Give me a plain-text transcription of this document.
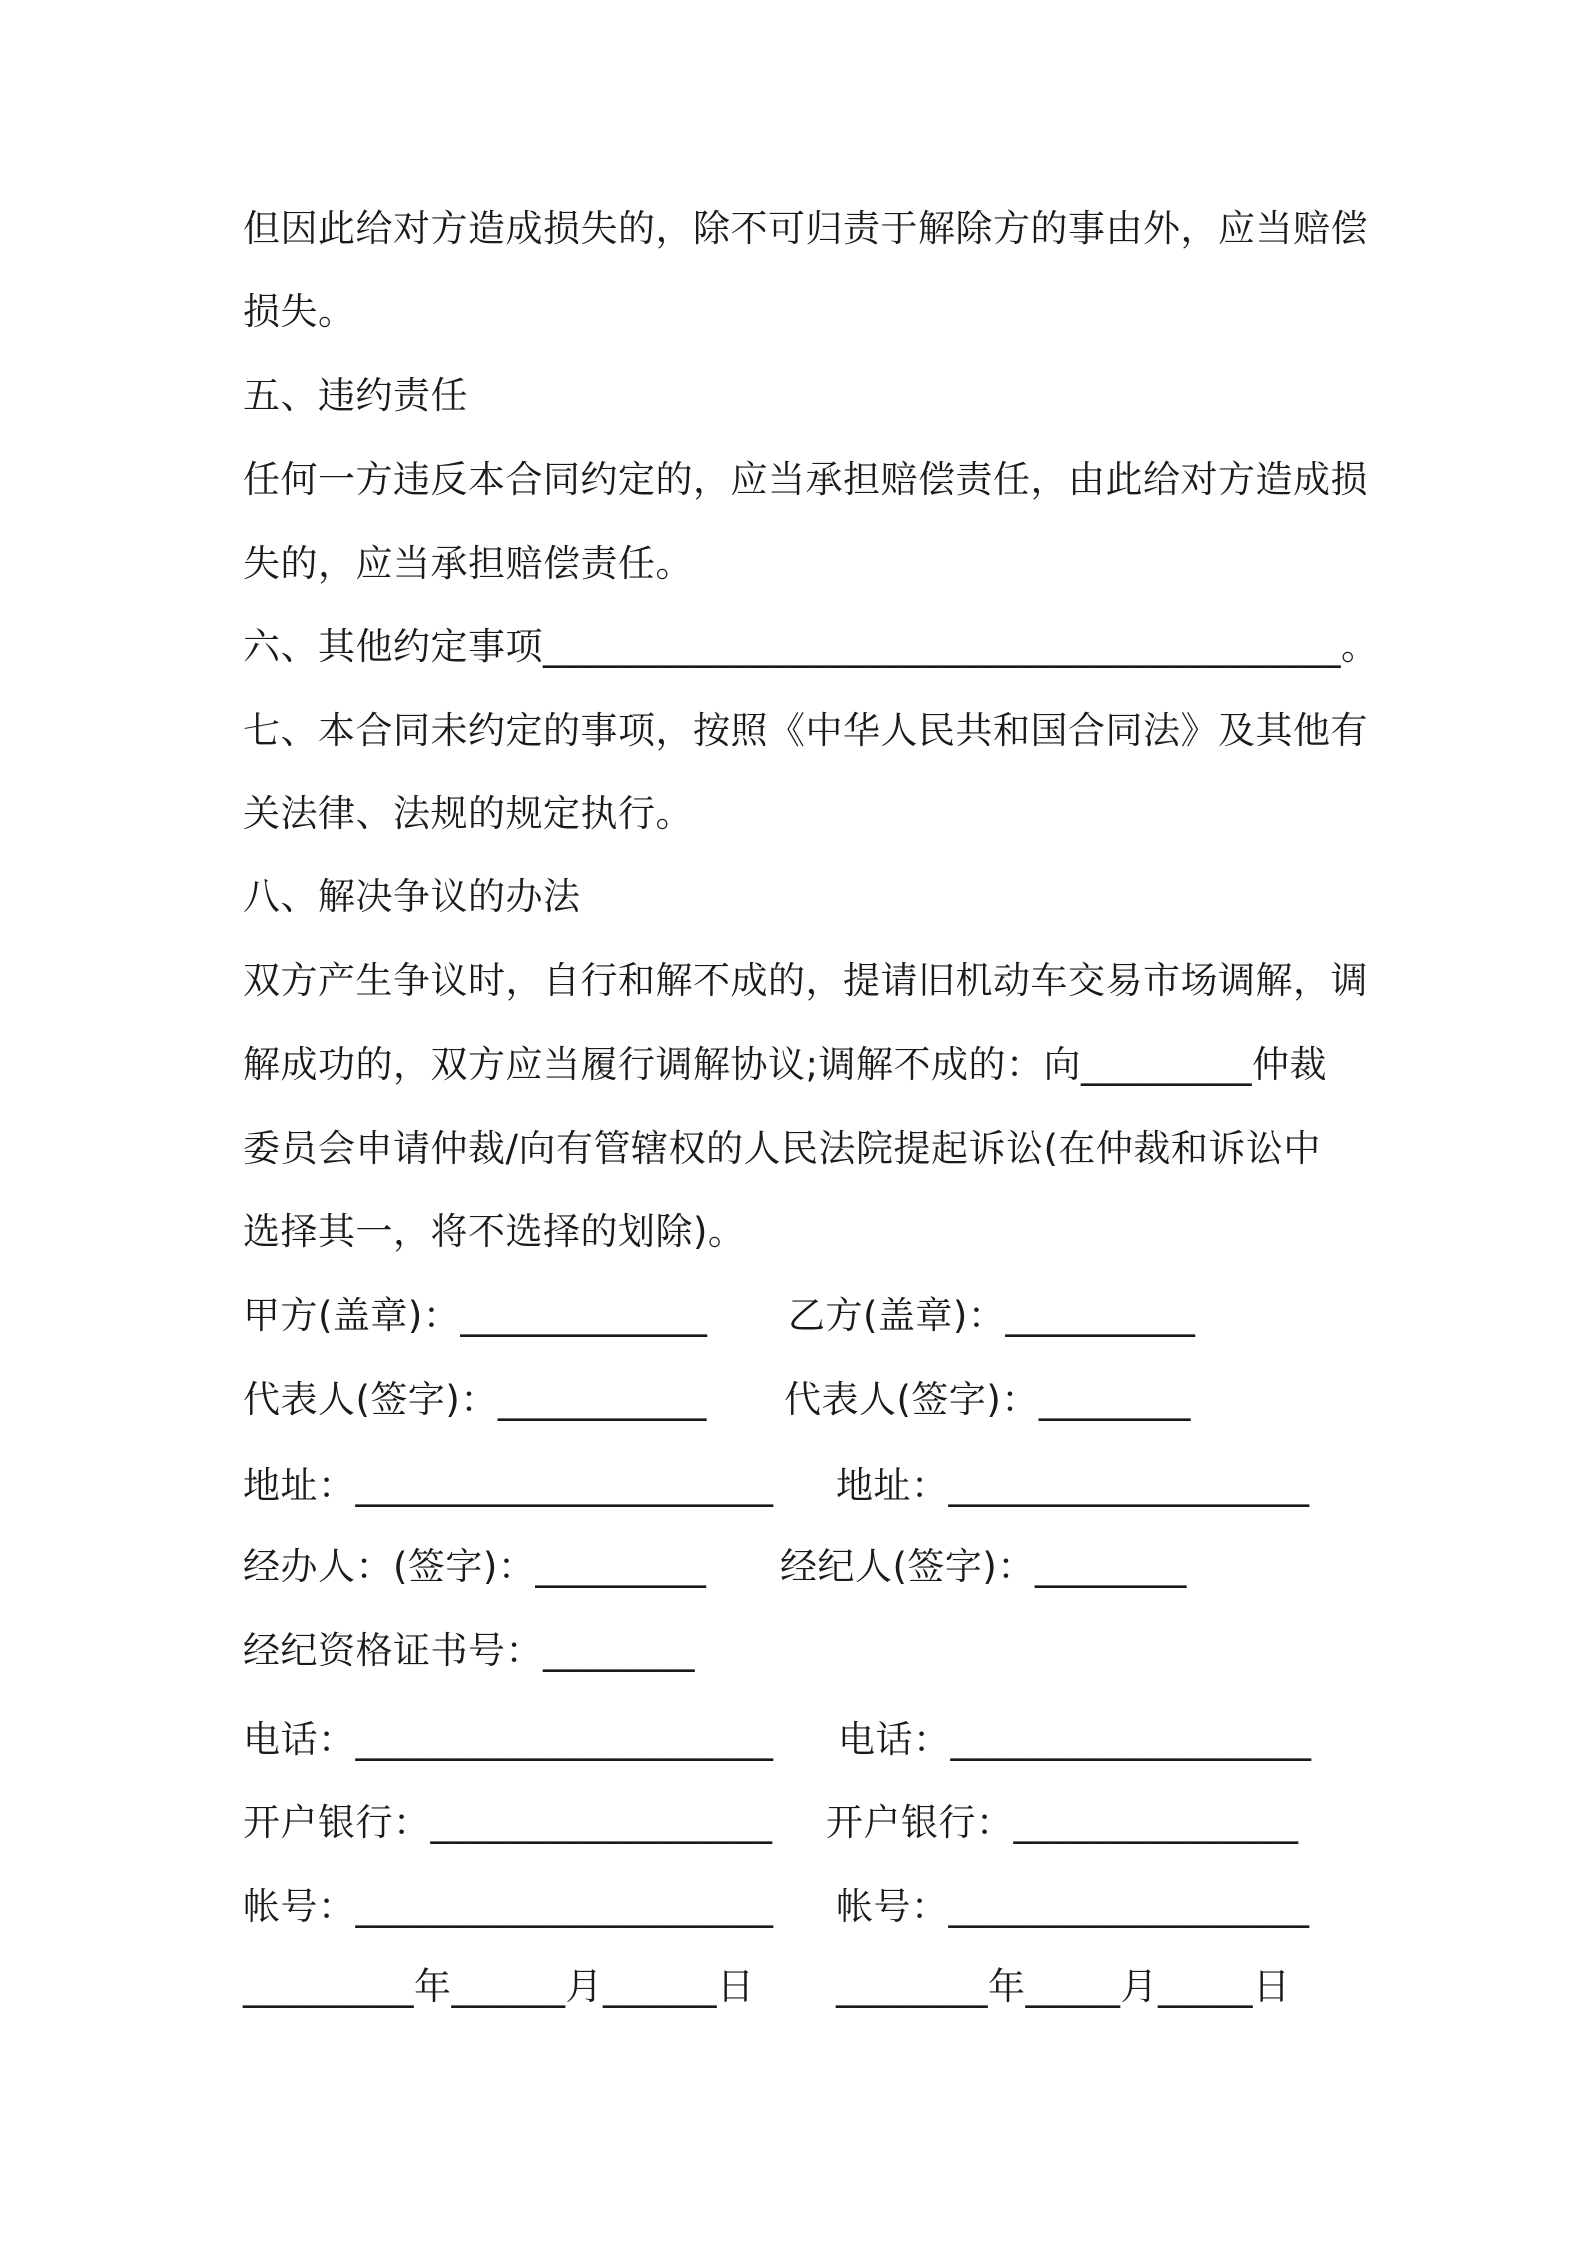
但因此给对方造成损失的，除不可归责于解除方的事由外，应当赔偿
损失。
五、违约责任
任何一方违反本合同约定的，应当承担赔偿责任，由此给对方造成损
失的，应当承担赔偿责任。
六、其他约定事项__________________________________________。
七、本合同未约定的事项，按照《中华人民共和国合同法》及其他有
关法律、法规的规定执行。
八、解决争议的办法
双方产生争议时，自行和解不成的，提请旧机动车交易市场调解，调
解成功的，双方应当履行调解协议;调解不成的：向_________仲裁
委员会申请仲裁/向有管辖权的人民法院提起诉讼(在仲裁和诉讼中
选择其一，将不选择的划除)。
甲方(盖章)：_____________ 乙方(盖章)：__________
代表人(签字)：___________ 代表人(签字)：________
地址：______________________ 地址：___________________
经办人：(签字)：_________ 经纪人(签字)：________
经纪资格证书号：________
电话：______________________ 电话：___________________
开户银行：__________________ 开户银行：_______________
帐号：______________________ 帐号：___________________
_________年______月______日 ________年_____月_____日
